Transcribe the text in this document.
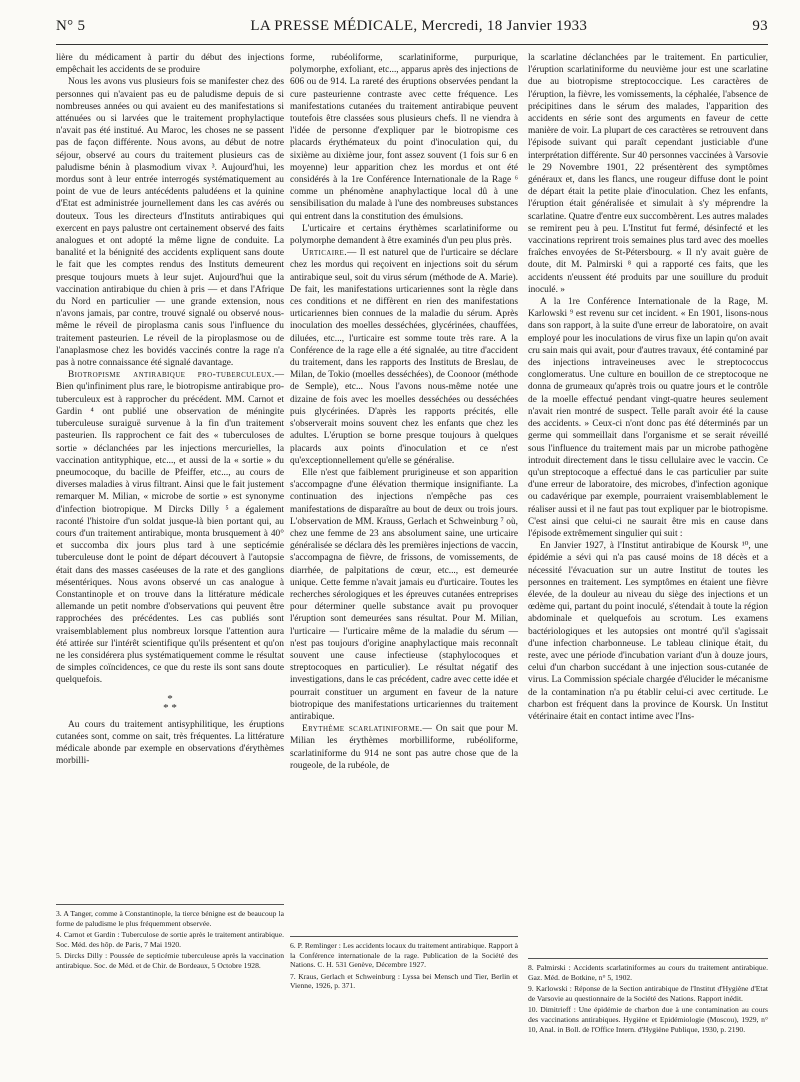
N° 5	LA PRESSE MÉDICALE, Mercredi, 18 Janvier 1933	93

lière du médicament à partir du début des injections empêchait les accidents de se produire

Nous les avons vus plusieurs fois se manifester chez des personnes qui n'avaient pas eu de paludisme depuis de si nombreuses années ou qui avaient eu des manifestations si atténuées ou si larvées que le traitement prophylactique n'avait pas été institué. Au Maroc, les choses ne se passent pas de façon différente. Nous avons, au début de notre séjour, observé au cours du traitement plusieurs cas de paludisme bénin à plasmodium vivax ³. Aujourd'hui, les mordus sont à leur entrée interrogés systématiquement au point de vue de leurs antécédents paludéens et la quinine d'Etat est administrée journellement dans les cas avérés ou douteux. Tous les directeurs d'Instituts antirabiques qui exercent en pays palustre ont certainement observé des faits analogues et ont adopté la même ligne de conduite. La banalité et la bénignité des accidents expliquent sans doute le fait que les comptes rendus des Instituts demeurent presque toujours muets à leur sujet. Aujourd'hui que la vaccination antirabique du chien à pris — et dans l'Afrique du Nord en particulier — une grande extension, nous n'avons jamais, par contre, trouvé signalé ou observé nous-même le réveil de piroplasma canis sous l'influence du traitement pasteurien. Le réveil de la piroplasmose ou de l'anaplasmose chez les bovidés vaccinés contre la rage n'a pas à notre connaissance été signalé davantage.

Biotropisme antirabique pro-tuberculeux.— Bien qu'infiniment plus rare, le biotropisme antirabique pro-tuberculeux est à rapprocher du précédent. MM. Carnot et Gardin ⁴ ont publié une observation de méningite tuberculeuse suraiguë survenue à la fin d'un traitement pasteurien. Ils rapprochent ce fait des « tuberculoses de sortie » déclanchées par les injections mercurielles, la vaccination antityphique, etc..., et aussi de la « sortie » du pneumocoque, du bacille de Pfeiffer, etc..., au cours de diverses maladies à virus filtrant. Ainsi que le fait justement remarquer M. Milian, « microbe de sortie » est synonyme d'infection biotropique. M Dircks Dilly ⁵ a également raconté l'histoire d'un soldat jusque-là bien portant qui, au cours d'un traitement antirabique, monta brusquement à 40° et succomba dix jours plus tard à une septicémie tuberculeuse dont le point de départ découvert à l'autopsie était dans des masses caséeuses de la rate et des ganglions mésentériques. Nous avons observé un cas analogue à Constantinople et on trouve dans la littérature médicale allemande un petit nombre d'observations qui peuvent être rapprochées des précédentes. Les cas publiés sont vraisemblablement plus nombreux lorsque l'attention aura été attirée sur l'intérêt scientifique qu'ils présentent et qu'on ne les considérera plus systématiquement comme le résultat de simples coïncidences, ce que du reste ils sont sans doute quelquefois.

*
* *

Au cours du traitement antisyphilitique, les éruptions cutanées sont, comme on sait, très fréquentes. La littérature médicale abonde par exemple en observations d'érythèmes morbilli-

3. A Tanger, comme à Constantinople, la tierce bénigne est de beaucoup la forme de paludisme le plus fréquemment observée.

4. Carnot et Gardin : Tuberculose de sortie après le traitement antirabique. Soc. Méd. des hôp. de Paris, 7 Mai 1920.

5. Dircks Dilly : Poussée de septicémie tuberculeuse après la vaccination antirabique. Soc. de Méd. et de Chir. de Bordeaux, 5 Octobre 1928.

forme, rubéoliforme, scarlatiniforme, purpurique, polymorphe, exfoliant, etc..., apparus après des injections de 606 ou de 914. La rareté des éruptions observées pendant la cure pasteurienne contraste avec cette fréquence. Les manifestations cutanées du traitement antirabique peuvent toutefois être classées sous plusieurs chefs. Il ne viendra à l'idée de personne d'expliquer par le biotropisme ces placards érythémateux du point d'inoculation qui, du sixième au dixième jour, font assez souvent (1 fois sur 6 en moyenne) leur apparition chez les mordus et ont été considérés à la 1re Conférence Internationale de la Rage ⁶ comme un phénomène anaphylactique local dû à une sensibilisation du malade à l'une des nombreuses substances qui entrent dans la constitution des émulsions.

L'urticaire et certains érythèmes scarlatiniforme ou polymorphe demandent à être examinés d'un peu plus près.

Urticaire.— Il est naturel que de l'urticaire se déclare chez les mordus qui reçoivent en injections soit du sérum antirabique seul, soit du virus sérum (méthode de A. Marie). De fait, les manifestations urticariennes sont la règle dans ces conditions et ne diffèrent en rien des manifestations urticariennes bien connues de la maladie du sérum. Après inoculation des moelles desséchées, glycérinées, chauffées, diluées, etc..., l'urticaire est somme toute très rare. A la Conférence de la rage elle a été signalée, au titre d'accident du traitement, dans les rapports des Instituts de Breslau, de Milan, de Tokio (moelles desséchées), de Coonoor (méthode de Semple), etc... Nous l'avons nous-même notée une dizaine de fois avec les moelles desséchées ou desséchées puis glycérinées. D'après les rapports précités, elle s'observerait moins souvent chez les enfants que chez les adultes. L'éruption se borne presque toujours à quelques placards aux points d'inoculation et ce n'est qu'exceptionnellement qu'elle se généralise.

Elle n'est que faiblement prurigineuse et son apparition s'accompagne d'une élévation thermique insignifiante. La continuation des injections n'empêche pas ces manifestations de disparaître au bout de deux ou trois jours. L'observation de MM. Krauss, Gerlach et Schweinburg ⁷ où, chez une femme de 23 ans absolument saine, une urticaire généralisée se déclara dès les premières injections de vaccin, s'accompagna de fièvre, de frissons, de vomissements, de diarrhée, de palpitations de cœur, etc..., est demeurée unique. Cette femme n'avait jamais eu d'urticaire. Toutes les recherches sérologiques et les épreuves cutanées entreprises pour déterminer quelle substance avait pu provoquer l'éruption sont demeurées sans résultat. Pour M. Milian, l'urticaire — l'urticaire même de la maladie du sérum — n'est pas toujours d'origine anaphylactique mais reconnaît souvent une cause infectieuse (staphylocoques et streptocoques en particulier). Le résultat négatif des investigations, dans le cas précédent, cadre avec cette idée et pourrait constituer un argument en faveur de la nature biotropique des manifestations urticariennes du traitement antirabique.

Erythème scarlatiniforme.— On sait que pour M. Milian les érythèmes morbilliforme, rubéoliforme, scarlatiniforme du 914 ne sont pas autre chose que de la rougeole, de la rubéole, de

6. P. Remlinger : Les accidents locaux du traitement antirabique. Rapport à la Conférence internationale de la rage. Publication de la Société des Nations. C. H. 531 Genève, Décembre 1927.

7. Kraus, Gerlach et Schweinburg : Lyssa bei Mensch und Tier, Berlin et Vienne, 1926, p. 371.

la scarlatine déclanchées par le traitement. En particulier, l'éruption scarlatiniforme du neuvième jour est une scarlatine due au biotropisme streptococcique. Les caractères de l'éruption, la fièvre, les vomissements, la céphalée, l'absence de précipitines dans le sérum des malades, l'apparition des accidents en série sont des arguments en faveur de cette manière de voir. La plupart de ces caractères se retrouvent dans l'épisode suivant qui paraît cependant justiciable d'une interprétation différente. Sur 40 personnes vaccinées à Varsovie le 29 Novembre 1901, 22 présentèrent des symptômes généraux et, dans les flancs, une rougeur diffuse dont le point de départ était la petite plaie d'inoculation. Chez les enfants, l'éruption était généralisée et simulait à s'y méprendre la scarlatine. Quatre d'entre eux succombèrent. Les autres malades se remirent peu à peu. L'Institut fut fermé, désinfecté et les vaccinations reprirent trois semaines plus tard avec des moelles fraîches envoyées de St-Pétersbourg. « Il n'y avait guère de doute, dit M. Palmirski ⁸ qui a rapporté ces faits, que les accidents n'eussent été produits par une souillure du produit inoculé. »

A la 1re Conférence Internationale de la Rage, M. Karlowski ⁹ est revenu sur cet incident. « En 1901, lisons-nous dans son rapport, à la suite d'une erreur de laboratoire, on avait employé pour les inoculations de virus fixe un lapin qu'on avait cru sain mais qui avait, pour d'autres travaux, été contaminé par des injections intraveineuses avec le streptococcus conglomeratus. Une culture en bouillon de ce streptocoque ne donna de grumeaux qu'après trois ou quatre jours et le contrôle de la moelle effectué pendant vingt-quatre heures seulement n'avait rien montré de suspect. Telle paraît avoir été la cause des accidents. » Ceux-ci n'ont donc pas été déterminés par un germe qui sommeillait dans l'organisme et se serait réveillé sous l'influence du traitement mais par un microbe pathogène introduit directement dans le tissu cellulaire avec le vaccin. Ce qu'un streptocoque a effectué dans le cas particulier par suite d'une erreur de laboratoire, des microbes, d'infection agonique ou cadavérique par exemple, pourraient vraisemblablement le réaliser aussi et il ne faut pas tout expliquer par le biotropisme. C'est ainsi que celui-ci ne saurait être mis en cause dans l'épisode extrêmement singulier qui suit :

En Janvier 1927, à l'Institut antirabique de Koursk ¹⁰, une épidémie a sévi qui n'a pas causé moins de 18 décès et a nécessité l'évacuation sur un autre Institut de toutes les personnes en traitement. Les symptômes en étaient une fièvre élevée, de la douleur au niveau du siège des injections et un œdème qui, partant du point inoculé, s'étendait à toute la région abdominale et quelquefois au scrotum. Les examens bactériologiques et les autopsies ont montré qu'il s'agissait d'une infection charbonneuse. Le tableau clinique était, du reste, avec une période d'incubation variant d'un à douze jours, celui d'un charbon succédant à une injection sous-cutanée de virus. La Commission spéciale chargée d'élucider le mécanisme de la contamination n'a pu établir celui-ci avec certitude. Le charbon est fréquent dans la province de Koursk. Un Institut vétérinaire était en contact intime avec l'Ins-

8. Palmirski : Accidents scarlatiniformes au cours du traitement antirabique. Gaz. Méd. de Botkine, n° 5, 1902.

9. Karlowski : Réponse de la Section antirabique de l'Institut d'Hygiène d'Etat de Varsovie au questionnaire de la Société des Nations. Rapport inédit.

10. Dimitrieff : Une épidémie de charbon due à une contamination au cours des vaccinations antirabiques. Hygiène et Epidémiologie (Moscou), 1929, n° 10, Anal. in Boll. de l'Office Intern. d'Hygiène Publique, 1930, p. 2190.
